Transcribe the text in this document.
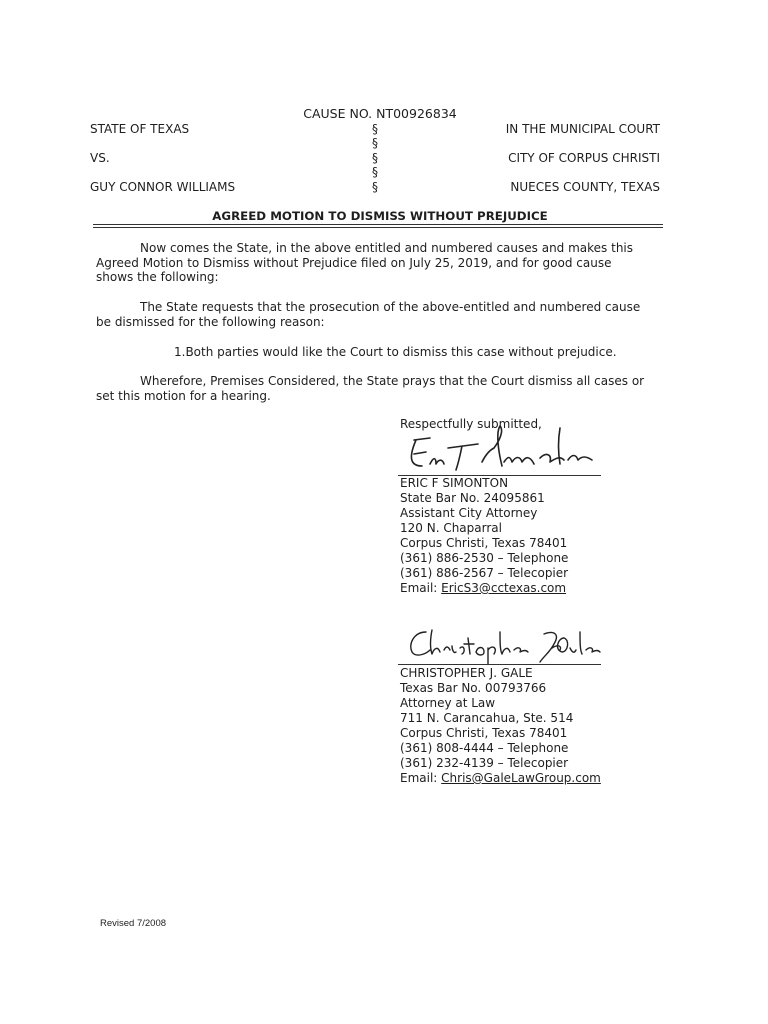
CAUSE NO. NT00926834
STATE OF TEXAS
VS.
GUY CONNOR WILLIAMS
§
§
§
§
§
IN THE MUNICIPAL COURT
CITY OF CORPUS CHRISTI
NUECES COUNTY, TEXAS
AGREED MOTION TO DISMISS WITHOUT PREJUDICE
Now comes the State, in the above entitled and numbered causes and makes this
Agreed Motion to Dismiss without Prejudice filed on July 25, 2019, and for good cause
shows the following:
The State requests that the prosecution of the above-entitled and numbered cause
be dismissed for the following reason:
1.Both parties would like the Court to dismiss this case without prejudice.
Wherefore, Premises Considered, the State prays that the Court dismiss all cases or
set this motion for a hearing.
Respectfully submitted,
ERIC F SIMONTON
State Bar No. 24095861
Assistant City Attorney
120 N. Chaparral
Corpus Christi, Texas 78401
(361) 886-2530 – Telephone
(361) 886-2567 – Telecopier
Email: EricS3@cctexas.com
CHRISTOPHER J. GALE
Texas Bar No. 00793766
Attorney at Law
711 N. Carancahua, Ste. 514
Corpus Christi, Texas 78401
(361) 808-4444 – Telephone
(361) 232-4139 – Telecopier
Email: Chris@GaleLawGroup.com
Revised 7/2008
